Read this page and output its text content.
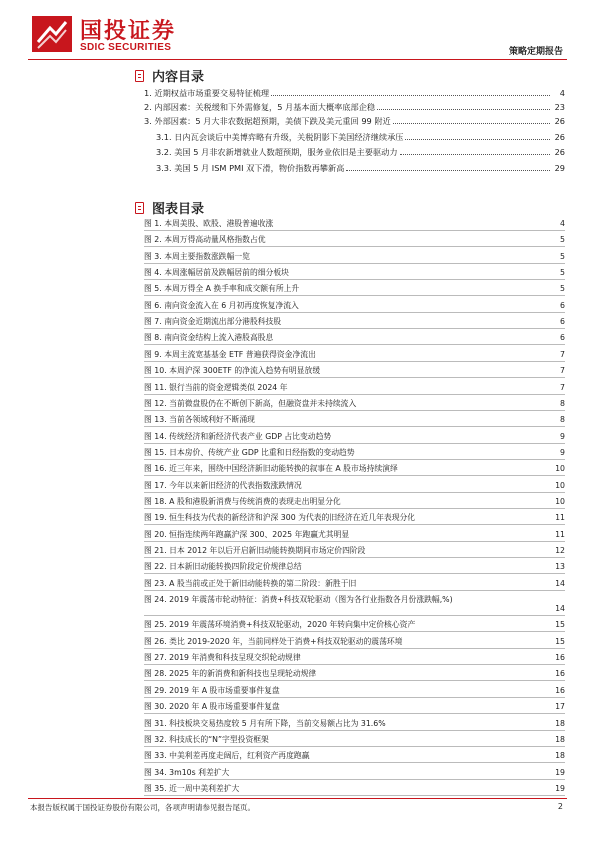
国投证券
SDIC SECURITIES	策略定期报告
内容目录
1. 近期权益市场重要交易特征梳理	4
2. 内部因素：关税缓和下外需修复，5 月基本面大概率底部企稳	23
3. 外部因素：5 月大非农数据超预期，美债下跌及美元重回 99 附近	26
3.1. 日内瓦会谈后中美博弈略有升级，关税阴影下美国经济继续承压	26
3.2. 美国 5 月非农新增就业人数超预期，服务业依旧是主要驱动力	26
3.3. 美国 5 月 ISM PMI 双下滑，物价指数再攀新高	29
图表目录
图 1. 本周美股、欧股、港股普遍收涨	4
图 2. 本周万得高动量风格指数占优	5
图 3. 本周主要指数涨跌幅一览	5
图 4. 本周涨幅居前及跌幅居前的细分板块	5
图 5. 本周万得全 A 换手率和成交额有所上升	5
图 6. 南向资金流入在 6 月初再度恢复净流入	6
图 7. 南向资金近期流出部分港股科技股	6
图 8. 南向资金结构上流入港股高股息	6
图 9. 本周主流宽基基金 ETF 普遍获得资金净流出	7
图 10. 本周沪深 300ETF 的净流入趋势有明显放缓	7
图 11. 银行当前的资金逻辑类似 2024 年	7
图 12. 当前微盘股仍在不断创下新高，但融资盘并未持续流入	8
图 13. 当前各领域利好不断涌现	8
图 14. 传统经济和新经济代表产业 GDP 占比变动趋势	9
图 15. 日本房价、传统产业 GDP 比重和日经指数的变动趋势	9
图 16. 近三年来，围绕中国经济新旧动能转换的叙事在 A 股市场持续演绎	10
图 17. 今年以来新旧经济的代表指数涨跌情况	10
图 18. A 股和港股新消费与传统消费的表现走出明显分化	10
图 19. 恒生科技为代表的新经济和沪深 300 为代表的旧经济在近几年表现分化	11
图 20. 恒指连续两年跑赢沪深 300、2025 年跑赢尤其明显	11
图 21. 日本 2012 年以后开启新旧动能转换期间市场定价四阶段	12
图 22. 日本新旧动能转换四阶段定价规律总结	13
图 23. A 股当前或正处于新旧动能转换的第二阶段：新胜于旧	14
图 24. 2019 年震荡市轮动特征：消费+科技双轮驱动（图为各行业指数各月份涨跌幅,%)
14
图 25. 2019 年震荡环境消费+科技双轮驱动，2020 年转向集中定价核心资产	15
图 26. 类比 2019-2020 年，当前同样处于消费+科技双轮驱动的震荡环境	15
图 27. 2019 年消费和科技呈现交织轮动规律	16
图 28. 2025 年的新消费和新科技也呈现轮动规律	16
图 29. 2019 年 A 股市场重要事件复盘	16
图 30. 2020 年 A 股市场重要事件复盘	17
图 31. 科技板块交易热度较 5 月有所下降，当前交易额占比为 31.6%	18
图 32. 科技成长的“N”字型投资框架	18
图 33. 中美利差再度走阔后，红利资产再度跑赢	18
图 34. 3m10s 利差扩大	19
图 35. 近一周中美利差扩大	19
本报告版权属于国投证券股份有限公司，各项声明请参见报告尾页。	2
